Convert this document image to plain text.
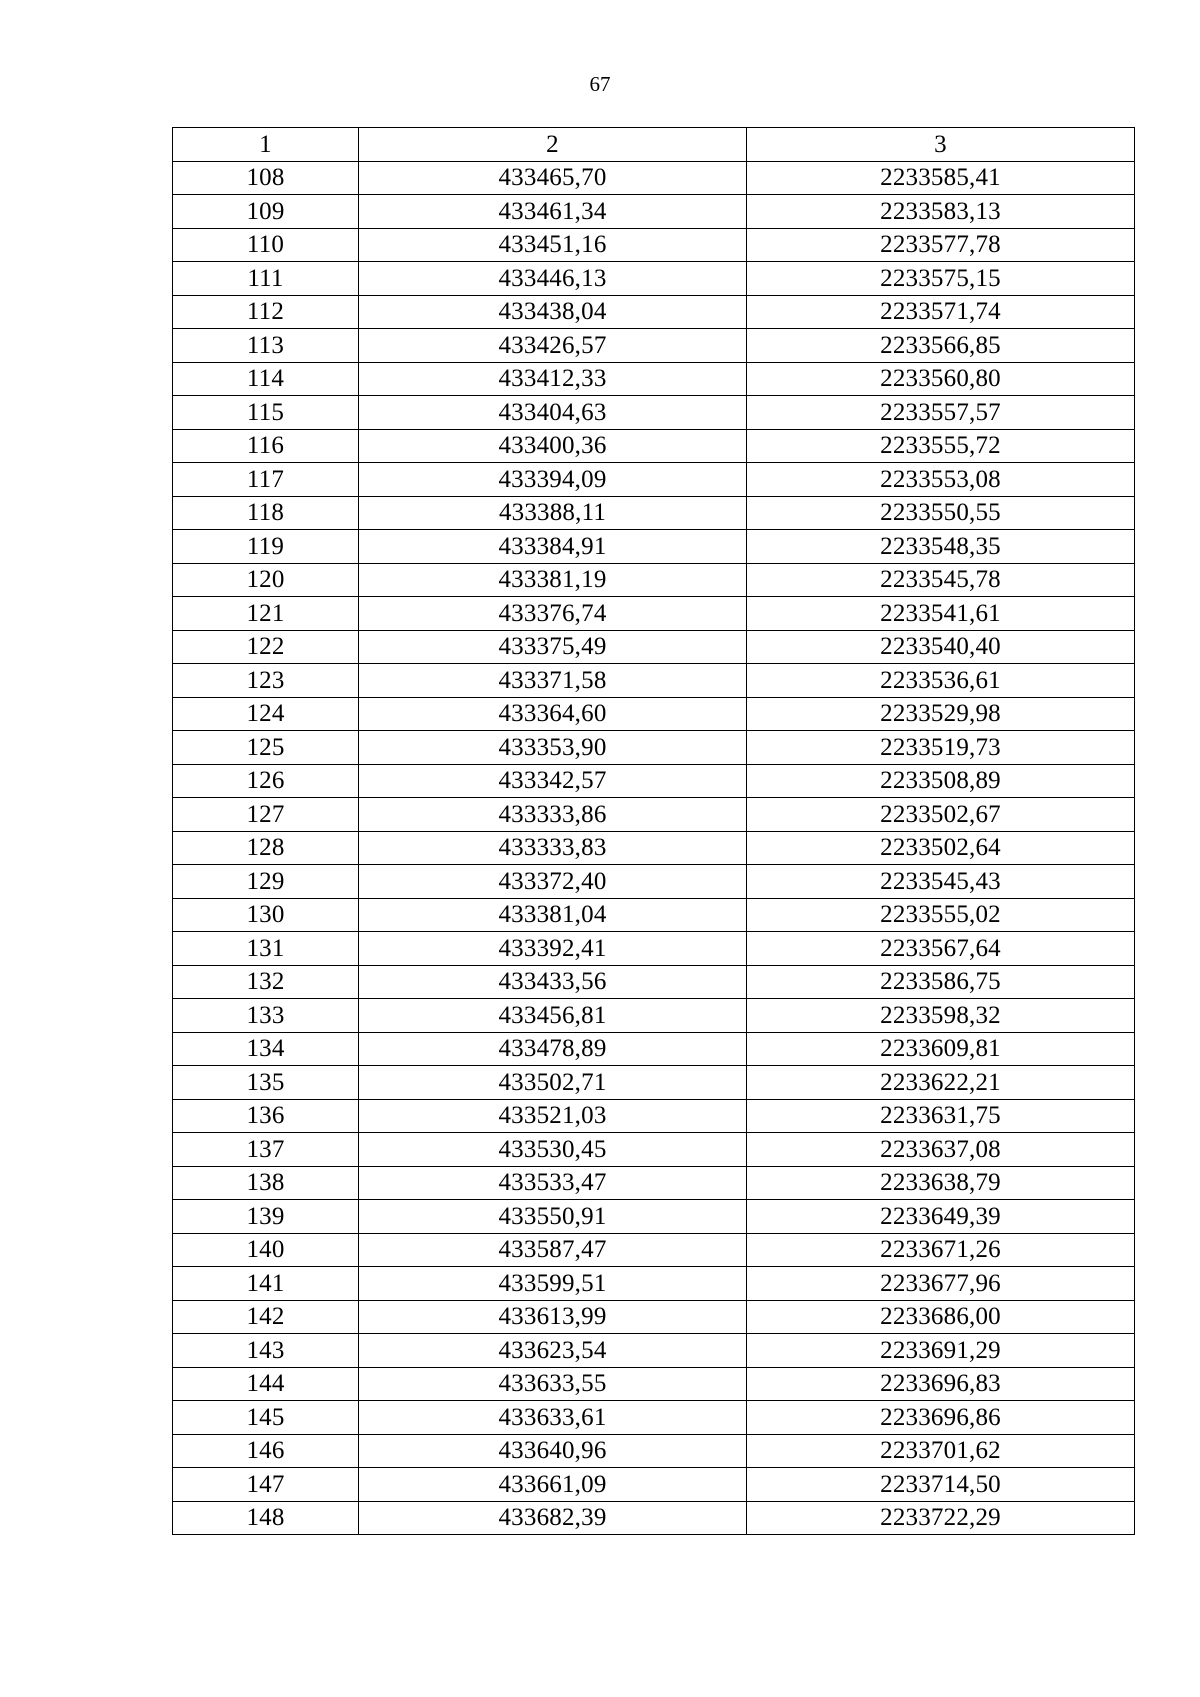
67
1	2	3
108	433465,70	2233585,41
109	433461,34	2233583,13
110	433451,16	2233577,78
111	433446,13	2233575,15
112	433438,04	2233571,74
113	433426,57	2233566,85
114	433412,33	2233560,80
115	433404,63	2233557,57
116	433400,36	2233555,72
117	433394,09	2233553,08
118	433388,11	2233550,55
119	433384,91	2233548,35
120	433381,19	2233545,78
121	433376,74	2233541,61
122	433375,49	2233540,40
123	433371,58	2233536,61
124	433364,60	2233529,98
125	433353,90	2233519,73
126	433342,57	2233508,89
127	433333,86	2233502,67
128	433333,83	2233502,64
129	433372,40	2233545,43
130	433381,04	2233555,02
131	433392,41	2233567,64
132	433433,56	2233586,75
133	433456,81	2233598,32
134	433478,89	2233609,81
135	433502,71	2233622,21
136	433521,03	2233631,75
137	433530,45	2233637,08
138	433533,47	2233638,79
139	433550,91	2233649,39
140	433587,47	2233671,26
141	433599,51	2233677,96
142	433613,99	2233686,00
143	433623,54	2233691,29
144	433633,55	2233696,83
145	433633,61	2233696,86
146	433640,96	2233701,62
147	433661,09	2233714,50
148	433682,39	2233722,29
